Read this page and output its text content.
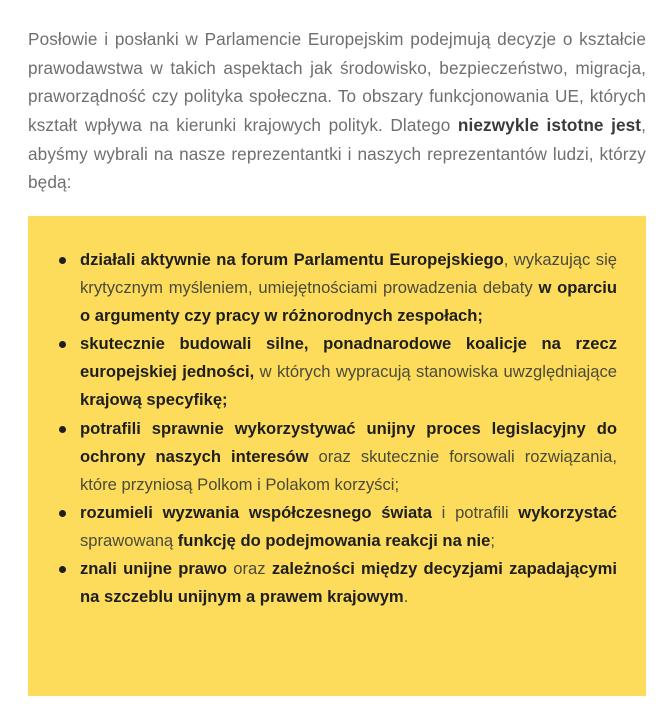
Posłowie i posłanki w Parlamencie Europejskim podejmują decyzje o kształcie prawodawstwa w takich aspektach jak środowisko, bezpieczeństwo, migracja, praworządność czy polityka społeczna. To obszary funkcjonowania UE, których kształt wpływa na kierunki krajowych polityk. Dlatego niezwykle istotne jest, abyśmy wybrali na nasze reprezentantki i naszych reprezentantów ludzi, którzy będą:

działali aktywnie na forum Parlamentu Europejskiego, wykazując się krytycznym myśleniem, umiejętnościami prowadzenia debaty w oparciu o argumenty czy pracy w różnorodnych zespołach;
skutecznie budowali silne, ponadnarodowe koalicje na rzecz europejskiej jedności, w których wypracują stanowiska uwzględniające krajową specyfikę;
potrafili sprawnie wykorzystywać unijny proces legislacyjny do ochrony naszych interesów oraz skutecznie forsowali rozwiązania, które przyniosą Polkom i Polakom korzyści;
rozumieli wyzwania współczesnego świata i potrafili wykorzystać sprawowaną funkcję do podejmowania reakcji na nie;
znali unijne prawo oraz zależności między decyzjami zapadającymi na szczeblu unijnym a prawem krajowym.
